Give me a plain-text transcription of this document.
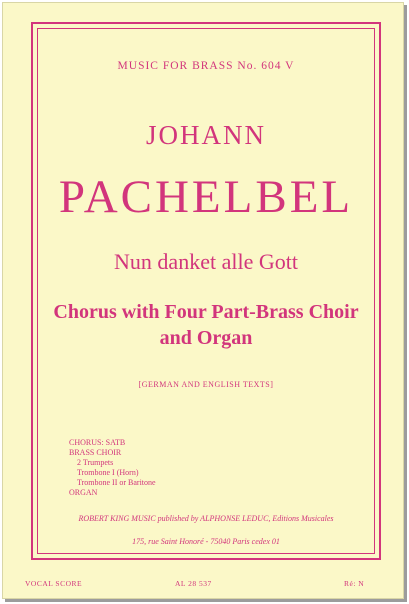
MUSIC FOR BRASS No. 604 V
JOHANN
PACHELBEL
Nun danket alle Gott
Chorus with Four Part-Brass Choir
and Organ
[GERMAN AND ENGLISH TEXTS]
CHORUS: SATB
BRASS CHOIR
2 Trumpets
Trombone I (Horn)
Trombone II or Baritone
ORGAN
ROBERT KING MUSIC published by ALPHONSE LEDUC, Editions Musicales
175, rue Saint Honoré - 75040 Paris cedex 01
VOCAL SCORE	AL 28 537	Ré: N
